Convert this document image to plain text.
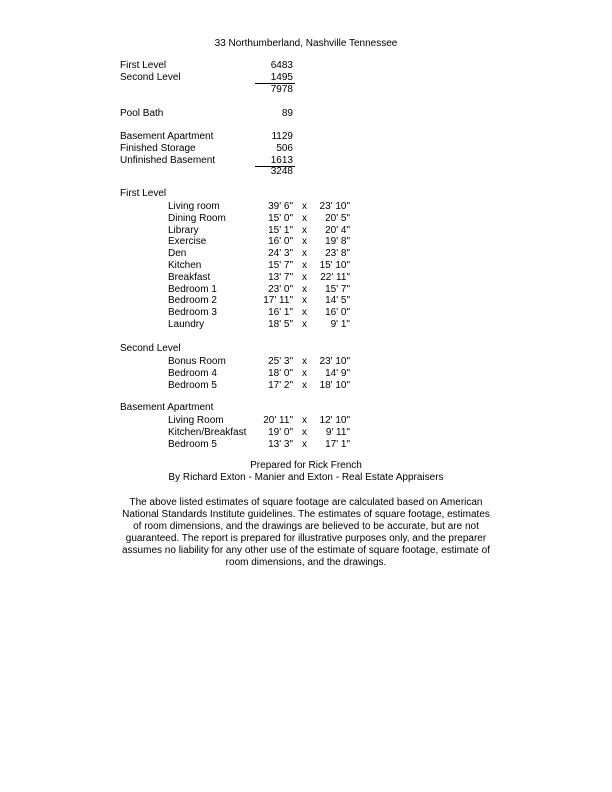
33 Northumberland, Nashville Tennessee
First Level	6483
Second Level	1495
7978
Pool Bath	89
Basement Apartment	1129
Finished Storage	506
Unfinished Basement	1613
3248
First Level
Living room	39' 6" x	23' 10"
Dining Room	15' 0" x	20' 5"
Library	15' 1" x	20' 4"
Exercise	16' 0" x	19' 8"
Den	24' 3" x	23' 8"
Kitchen	15' 7" x	15' 10"
Breakfast	13' 7" x	22' 11"
Bedroom 1	23' 0" x	15' 7"
Bedroom 2	17' 11" x	14' 5"
Bedroom 3	16' 1" x	16' 0"
Laundry	18' 5" x	9' 1"
Second Level
Bonus Room	25' 3" x	23' 10"
Bedroom 4	18' 0" x	14' 9"
Bedroom 5	17' 2" x	18' 10"
Basement Apartment
Living Room	20' 11" x	12' 10"
Kitchen/Breakfast	19' 0" x	9' 11"
Bedroom 5	13' 3" x	17' 1"
Prepared for Rick French
By Richard Exton - Manier and Exton - Real Estate Appraisers
The above listed estimates of square footage are calculated based on American
National Standards Institute guidelines. The estimates of square footage, estimates
of room dimensions, and the drawings are believed to be accurate, but are not
guaranteed. The report is prepared for illustrative purposes only, and the preparer
assumes no liability for any other use of the estimate of square footage, estimate of
room dimensions, and the drawings.
